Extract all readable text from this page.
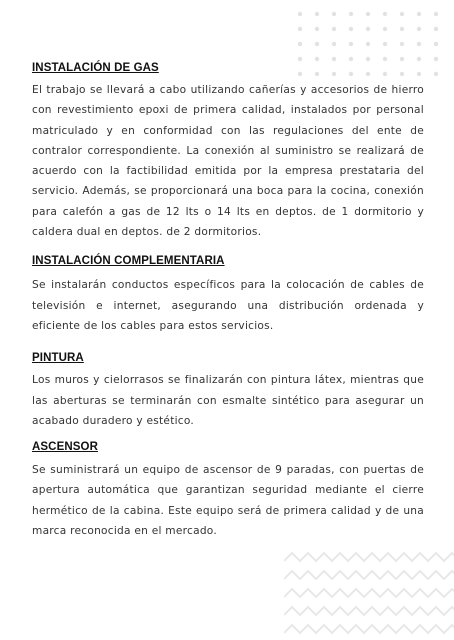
INSTALACIÓN DE GAS

El trabajo se llevará a cabo utilizando cañerías y accesorios de hierro con revestimiento epoxi de primera calidad, instalados por personal matriculado y en conformidad con las regulaciones del ente de contralor correspondiente. La conexión al suministro se realizará de acuerdo con la factibilidad emitida por la empresa prestataria del servicio. Además, se proporcionará una boca para la cocina, conexión para calefón a gas de 12 lts o 14 lts en deptos. de 1 dormitorio y caldera dual en deptos. de 2 dormitorios.

INSTALACIÓN COMPLEMENTARIA

Se instalarán conductos específicos para la colocación de cables de televisión e internet, asegurando una distribución ordenada y eficiente de los cables para estos servicios.

PINTURA

Los muros y cielorrasos se finalizarán con pintura látex, mientras que las aberturas se terminarán con esmalte sintético para asegurar un acabado duradero y estético.

ASCENSOR

Se suministrará un equipo de ascensor de 9 paradas, con puertas de apertura automática que garantizan seguridad mediante el cierre hermético de la cabina. Este equipo será de primera calidad y de una marca reconocida en el mercado.
